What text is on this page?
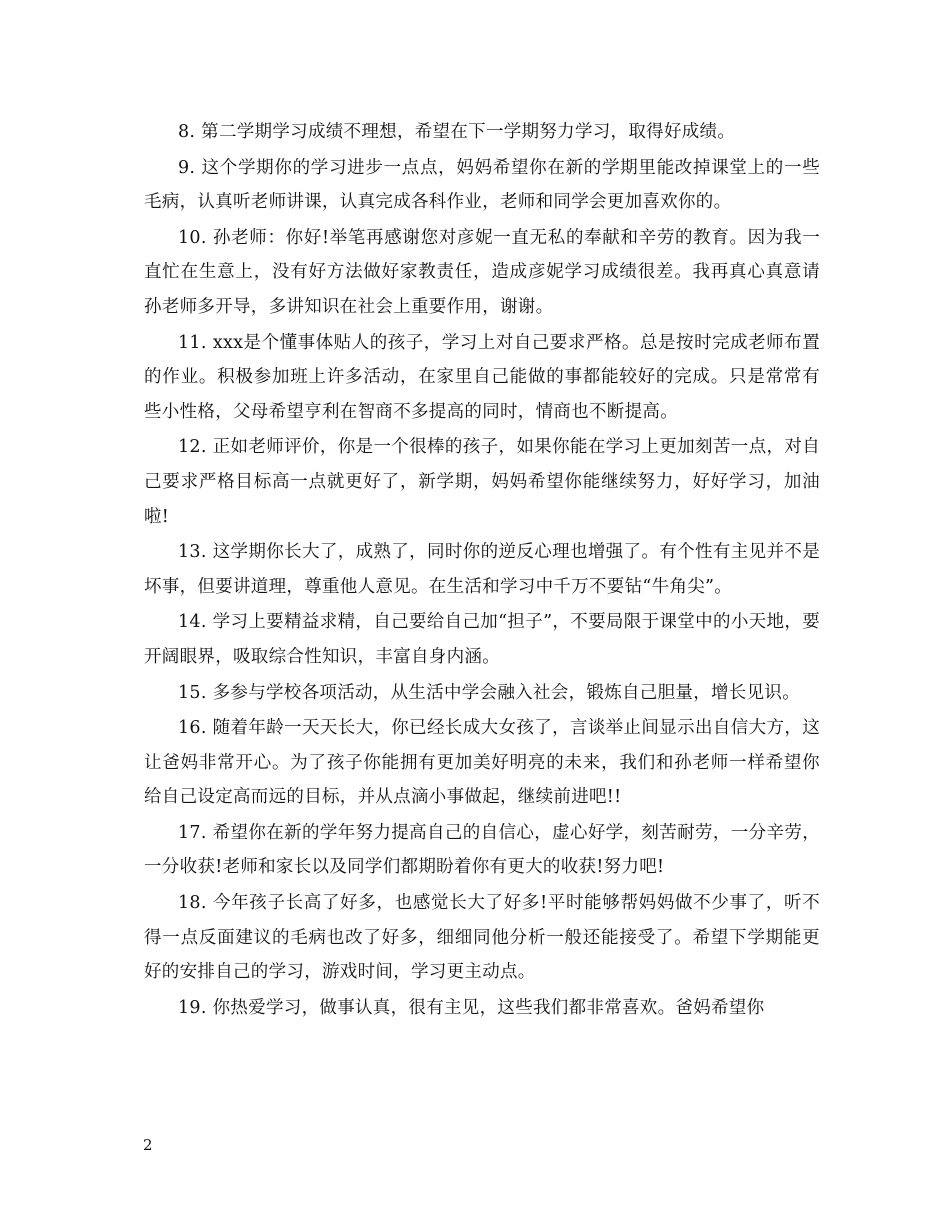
8. 第二学期学习成绩不理想，希望在下一学期努力学习，取得好成绩。

9. 这个学期你的学习进步一点点，妈妈希望你在新的学期里能改掉课堂上的一些毛病，认真听老师讲课，认真完成各科作业，老师和同学会更加喜欢你的。

10. 孙老师：你好!举笔再感谢您对彦妮一直无私的奉献和辛劳的教育。因为我一直忙在生意上，没有好方法做好家教责任，造成彦妮学习成绩很差。我再真心真意请孙老师多开导，多讲知识在社会上重要作用，谢谢。

11. xxx是个懂事体贴人的孩子，学习上对自己要求严格。总是按时完成老师布置的作业。积极参加班上许多活动，在家里自己能做的事都能较好的完成。只是常常有些小性格，父母希望亨利在智商不多提高的同时，情商也不断提高。

12. 正如老师评价，你是一个很棒的孩子，如果你能在学习上更加刻苦一点，对自己要求严格目标高一点就更好了，新学期，妈妈希望你能继续努力，好好学习，加油啦!

13. 这学期你长大了，成熟了，同时你的逆反心理也增强了。有个性有主见并不是坏事，但要讲道理，尊重他人意见。在生活和学习中千万不要钻“牛角尖”。

14. 学习上要精益求精，自己要给自己加“担子”，不要局限于课堂中的小天地，要开阔眼界，吸取综合性知识，丰富自身内涵。

15. 多参与学校各项活动，从生活中学会融入社会，锻炼自己胆量，增长见识。

16. 随着年龄一天天长大，你已经长成大女孩了，言谈举止间显示出自信大方，这让爸妈非常开心。为了孩子你能拥有更加美好明亮的未来，我们和孙老师一样希望你给自己设定高而远的目标，并从点滴小事做起，继续前进吧!!

17. 希望你在新的学年努力提高自己的自信心，虚心好学，刻苦耐劳，一分辛劳，一分收获!老师和家长以及同学们都期盼着你有更大的收获!努力吧!

18. 今年孩子长高了好多，也感觉长大了好多!平时能够帮妈妈做不少事了，听不得一点反面建议的毛病也改了好多，细细同他分析一般还能接受了。希望下学期能更好的安排自己的学习，游戏时间，学习更主动点。

19. 你热爱学习，做事认真，很有主见，这些我们都非常喜欢。爸妈希望你

2
